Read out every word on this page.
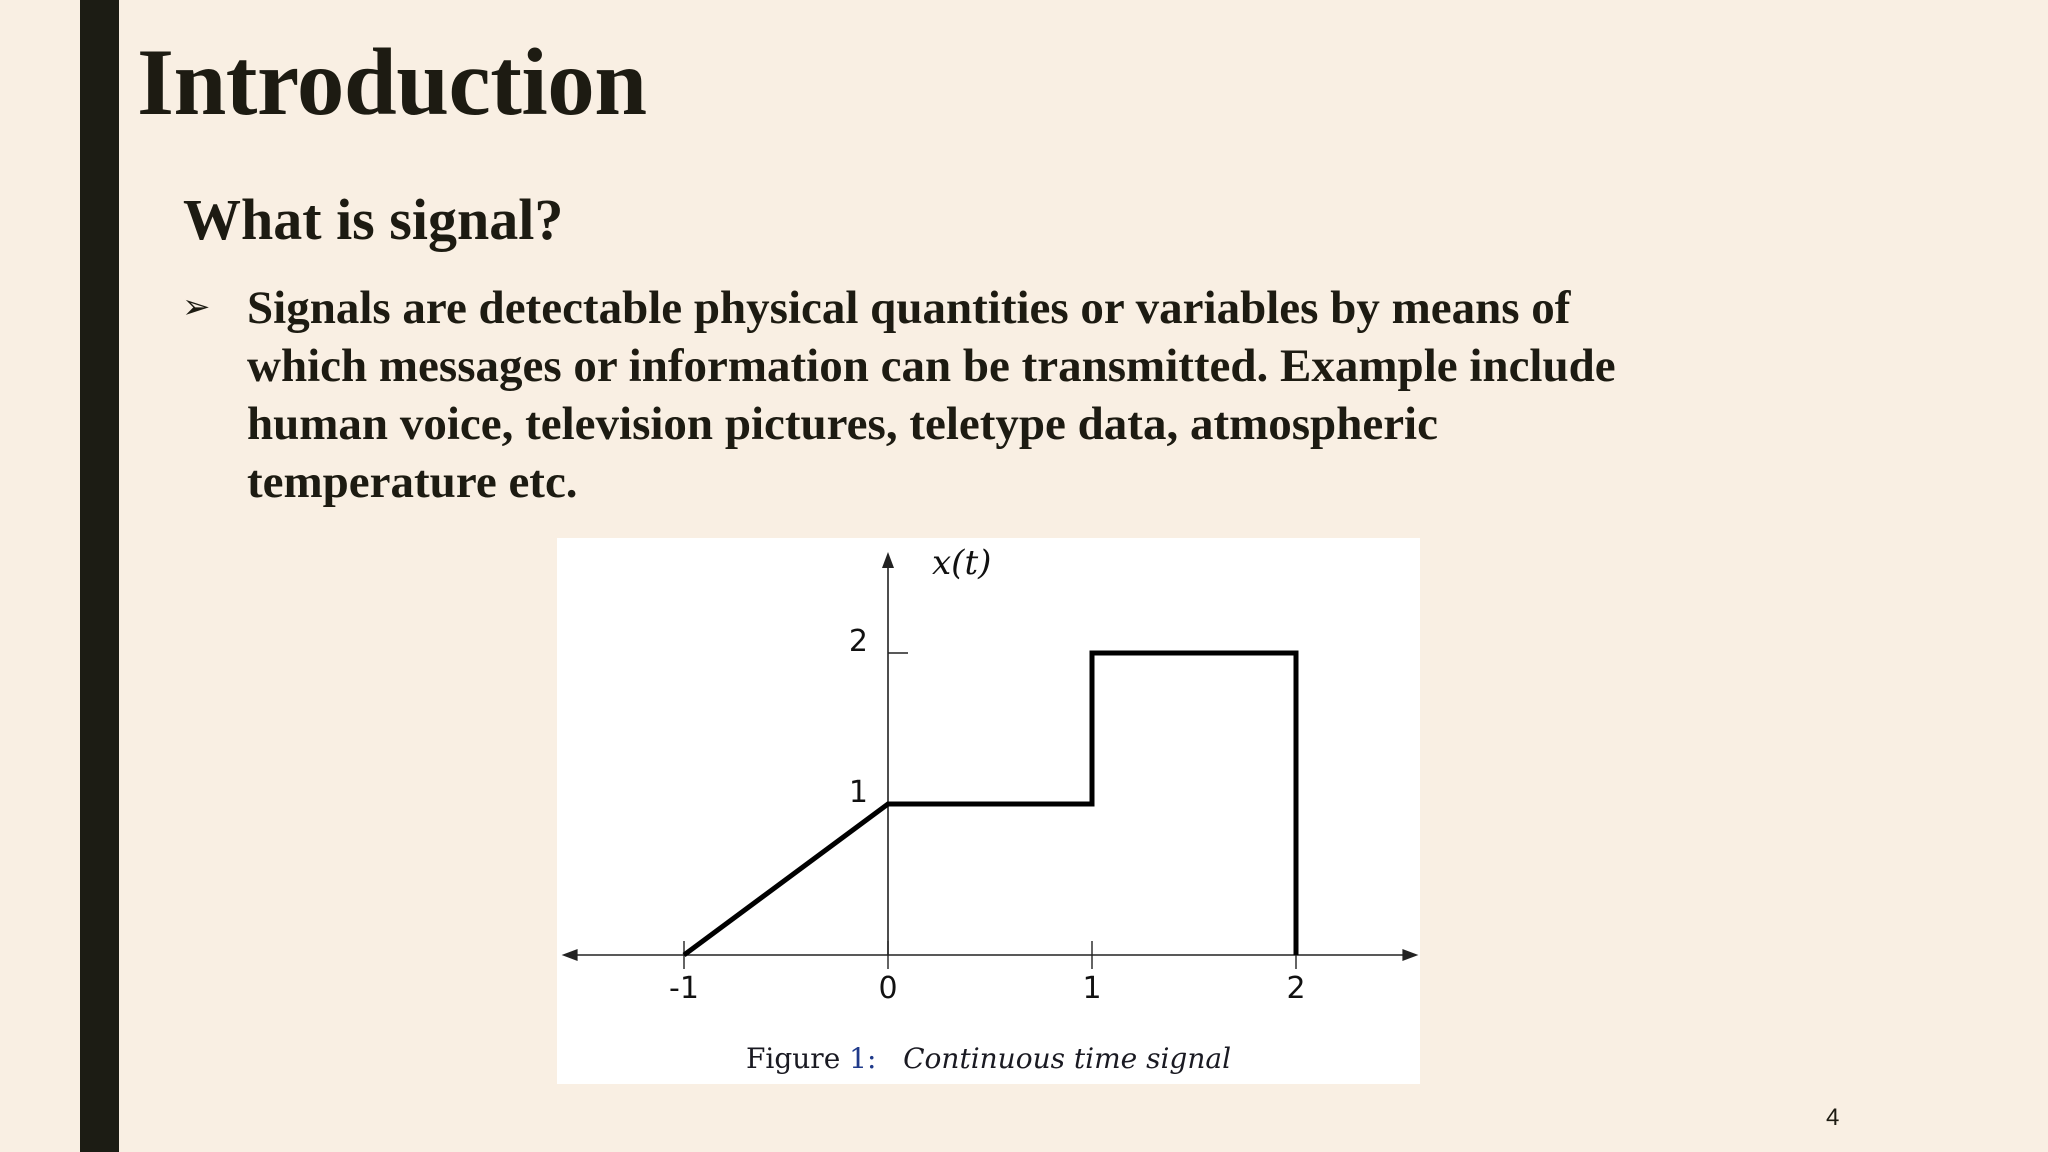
Introduction
What is signal?
➢ Signals are detectable physical quantities or variables by means of
which messages or information can be transmitted. Example include
human voice, television pictures, teletype data, atmospheric
temperature etc.

-1	0	1	2
1
2
x(t)
Figure 1: Continuous time signal
4
